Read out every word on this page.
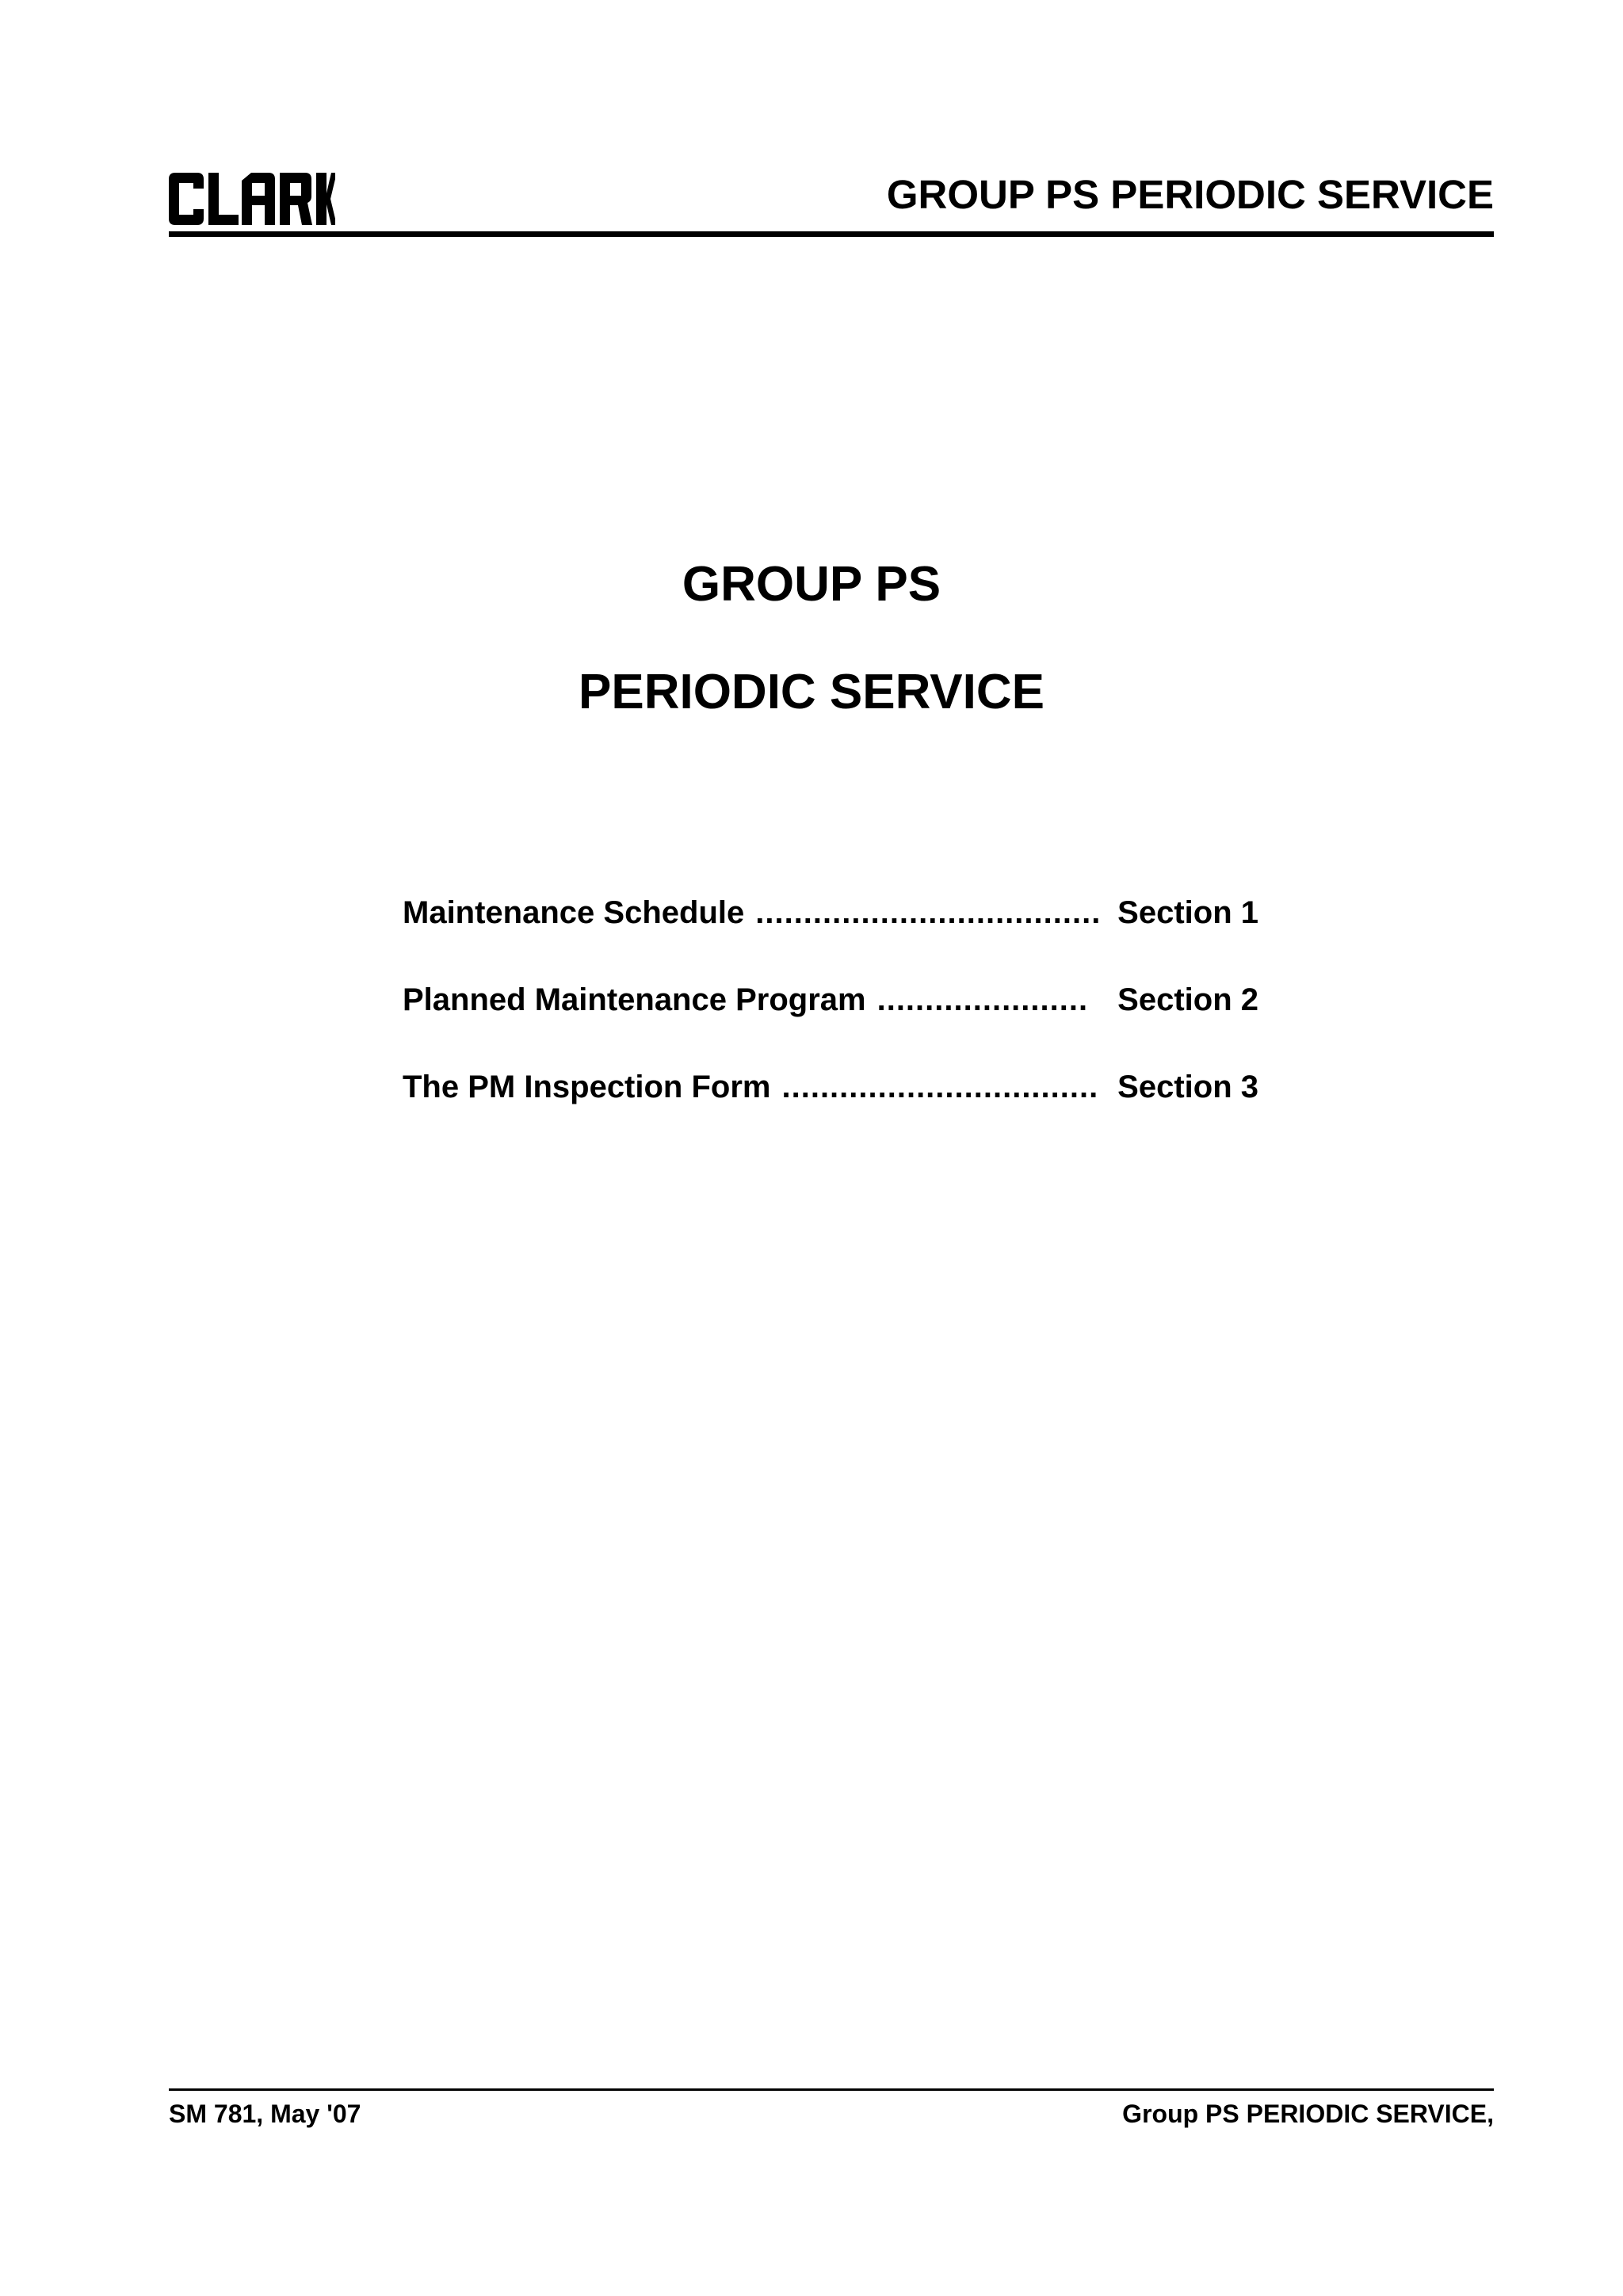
GROUP PS PERIODIC SERVICE
GROUP PS
PERIODIC SERVICE
Maintenance Schedule .................................... Section 1
Planned Maintenance Program ...................... Section 2
The PM Inspection Form ................................. Section 3
SM 781, May '07	Group PS PERIODIC SERVICE,
